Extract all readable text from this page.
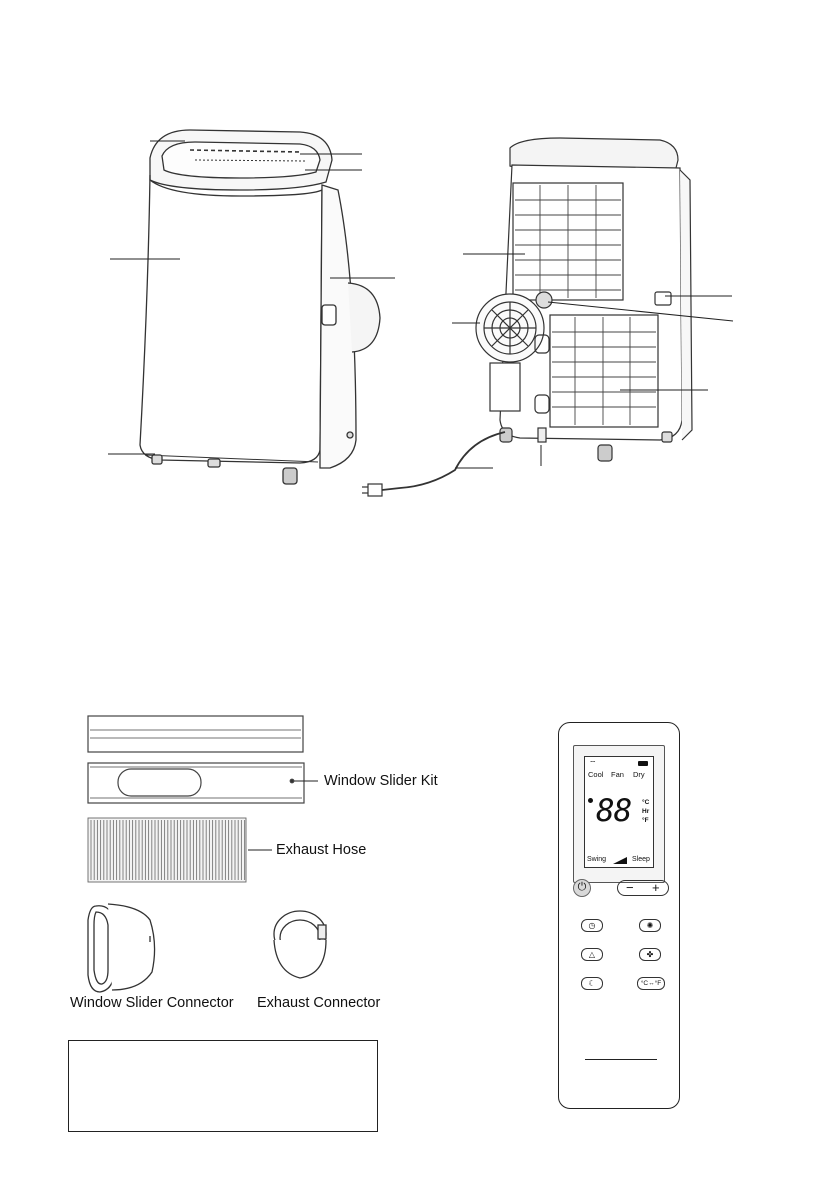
Window Slider Kit
Exhaust Hose
Window Slider Connector Exhaust Connector
⌔
Cool Fan Dry
88 °C
Hr
°F
Swing	Sleep
⏻	− +
◷	✺
△	✤
☾	°C↔°F
